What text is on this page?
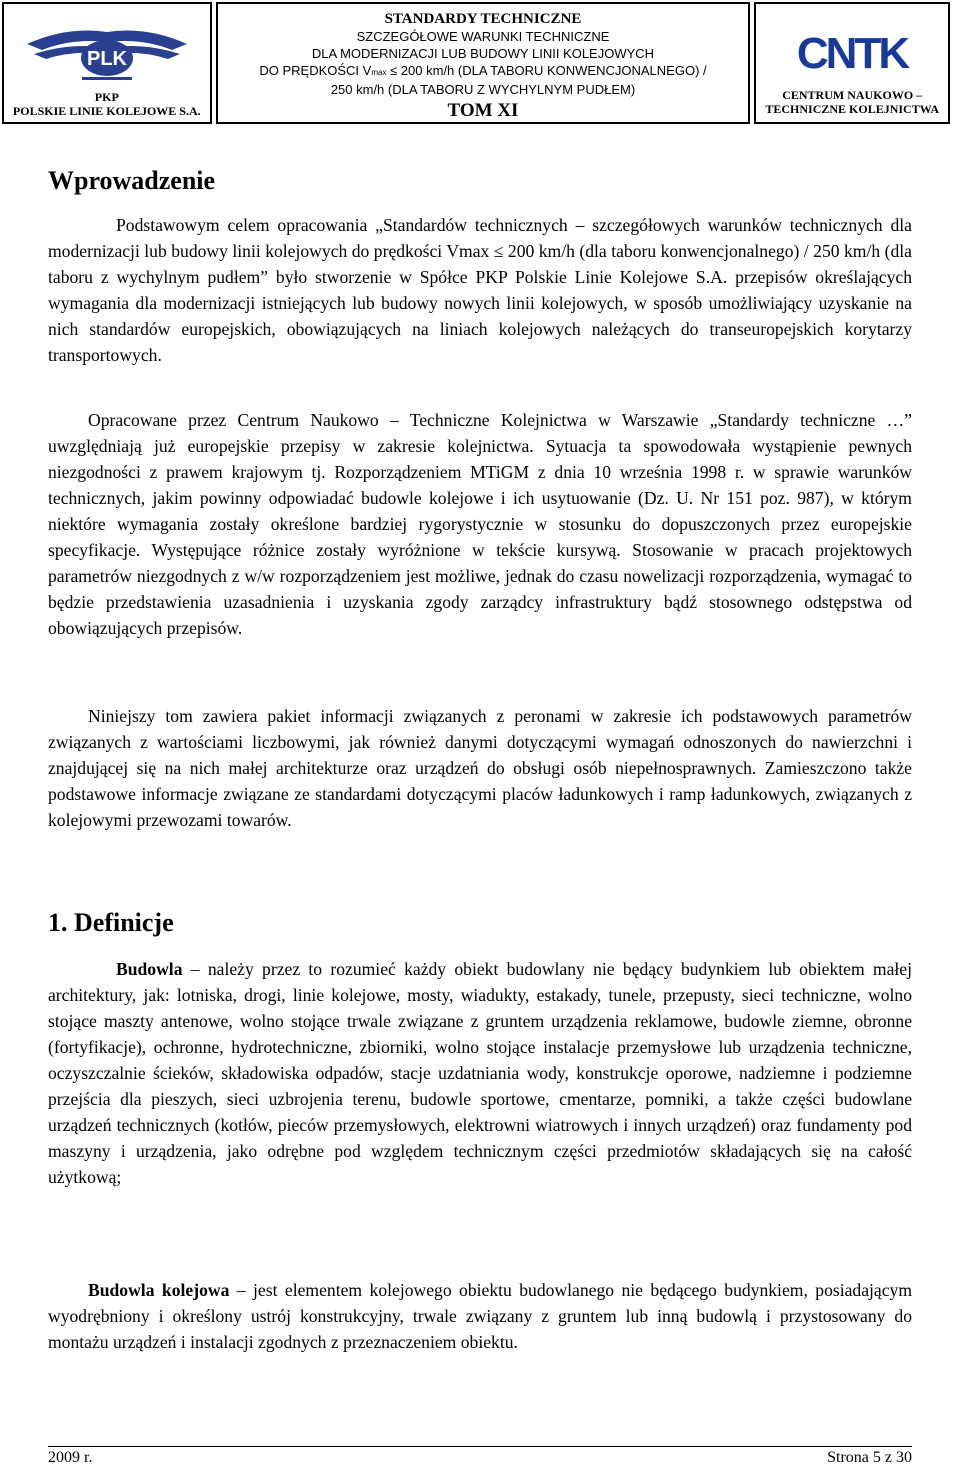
PLK
PKP
POLSKIE LINIE KOLEJOWE S.A.
STANDARDY TECHNICZNE
SZCZEGÓŁOWE WARUNKI TECHNICZNE
DLA MODERNIZACJI LUB BUDOWY LINII KOLEJOWYCH
DO PRĘDKOŚCI Vmax ≤ 200 km/h (DLA TABORU KONWENCJONALNEGO) /
250 km/h (DLA TABORU Z WYCHYLNYM PUDŁEM)
TOM XI
CNTK
CENTRUM NAUKOWO –
TECHNICZNE KOLEJNICTWA
Wprowadzenie

Podstawowym celem opracowania „Standardów technicznych – szczegółowych warunków technicznych dla modernizacji lub budowy linii kolejowych do prędkości Vmax ≤ 200 km/h (dla taboru konwencjonalnego) / 250 km/h (dla taboru z wychylnym pudłem” było stworzenie w Spółce PKP Polskie Linie Kolejowe S.A. przepisów określających wymagania dla modernizacji istniejących lub budowy nowych linii kolejowych, w sposób umożliwiający uzyskanie na nich standardów europejskich, obowiązujących na liniach kolejowych należących do transeuropejskich korytarzy transportowych.

Opracowane przez Centrum Naukowo – Techniczne Kolejnictwa w Warszawie „Standardy techniczne …” uwzględniają już europejskie przepisy w zakresie kolejnictwa. Sytuacja ta spowodowała wystąpienie pewnych niezgodności z prawem krajowym tj. Rozporządzeniem MTiGM z dnia 10 września 1998 r. w sprawie warunków technicznych, jakim powinny odpowiadać budowle kolejowe i ich usytuowanie (Dz. U. Nr 151 poz. 987), w którym niektóre wymagania zostały określone bardziej rygorystycznie w stosunku do dopuszczonych przez europejskie specyfikacje. Występujące różnice zostały wyróżnione w tekście kursywą. Stosowanie w pracach projektowych parametrów niezgodnych z w/w rozporządzeniem jest możliwe, jednak do czasu nowelizacji rozporządzenia, wymagać to będzie przedstawienia uzasadnienia i uzyskania zgody zarządcy infrastruktury bądź stosownego odstępstwa od obowiązujących przepisów.

Niniejszy tom zawiera pakiet informacji związanych z peronami w zakresie ich podstawowych parametrów związanych z wartościami liczbowymi, jak również danymi dotyczącymi wymagań odnoszonych do nawierzchni i znajdującej się na nich małej architekturze oraz urządzeń do obsługi osób niepełnosprawnych. Zamieszczono także podstawowe informacje związane ze standardami dotyczącymi placów ładunkowych i ramp ładunkowych, związanych z kolejowymi przewozami towarów.

1. Definicje

Budowla – należy przez to rozumieć każdy obiekt budowlany nie będący budynkiem lub obiektem małej architektury, jak: lotniska, drogi, linie kolejowe, mosty, wiadukty, estakady, tunele, przepusty, sieci techniczne, wolno stojące maszty antenowe, wolno stojące trwale związane z gruntem urządzenia reklamowe, budowle ziemne, obronne (fortyfikacje), ochronne, hydrotechniczne, zbiorniki, wolno stojące instalacje przemysłowe lub urządzenia techniczne, oczyszczalnie ścieków, składowiska odpadów, stacje uzdatniania wody, konstrukcje oporowe, nadziemne i podziemne przejścia dla pieszych, sieci uzbrojenia terenu, budowle sportowe, cmentarze, pomniki, a także części budowlane urządzeń technicznych (kotłów, pieców przemysłowych, elektrowni wiatrowych i innych urządzeń) oraz fundamenty pod maszyny i urządzenia, jako odrębne pod względem technicznym części przedmiotów składających się na całość użytkową;

Budowla kolejowa – jest elementem kolejowego obiektu budowlanego nie będącego budynkiem, posiadającym wyodrębniony i określony ustrój konstrukcyjny, trwale związany z gruntem lub inną budowlą i przystosowany do montażu urządzeń i instalacji zgodnych z przeznaczeniem obiektu.

2009 r.	Strona 5 z 30
